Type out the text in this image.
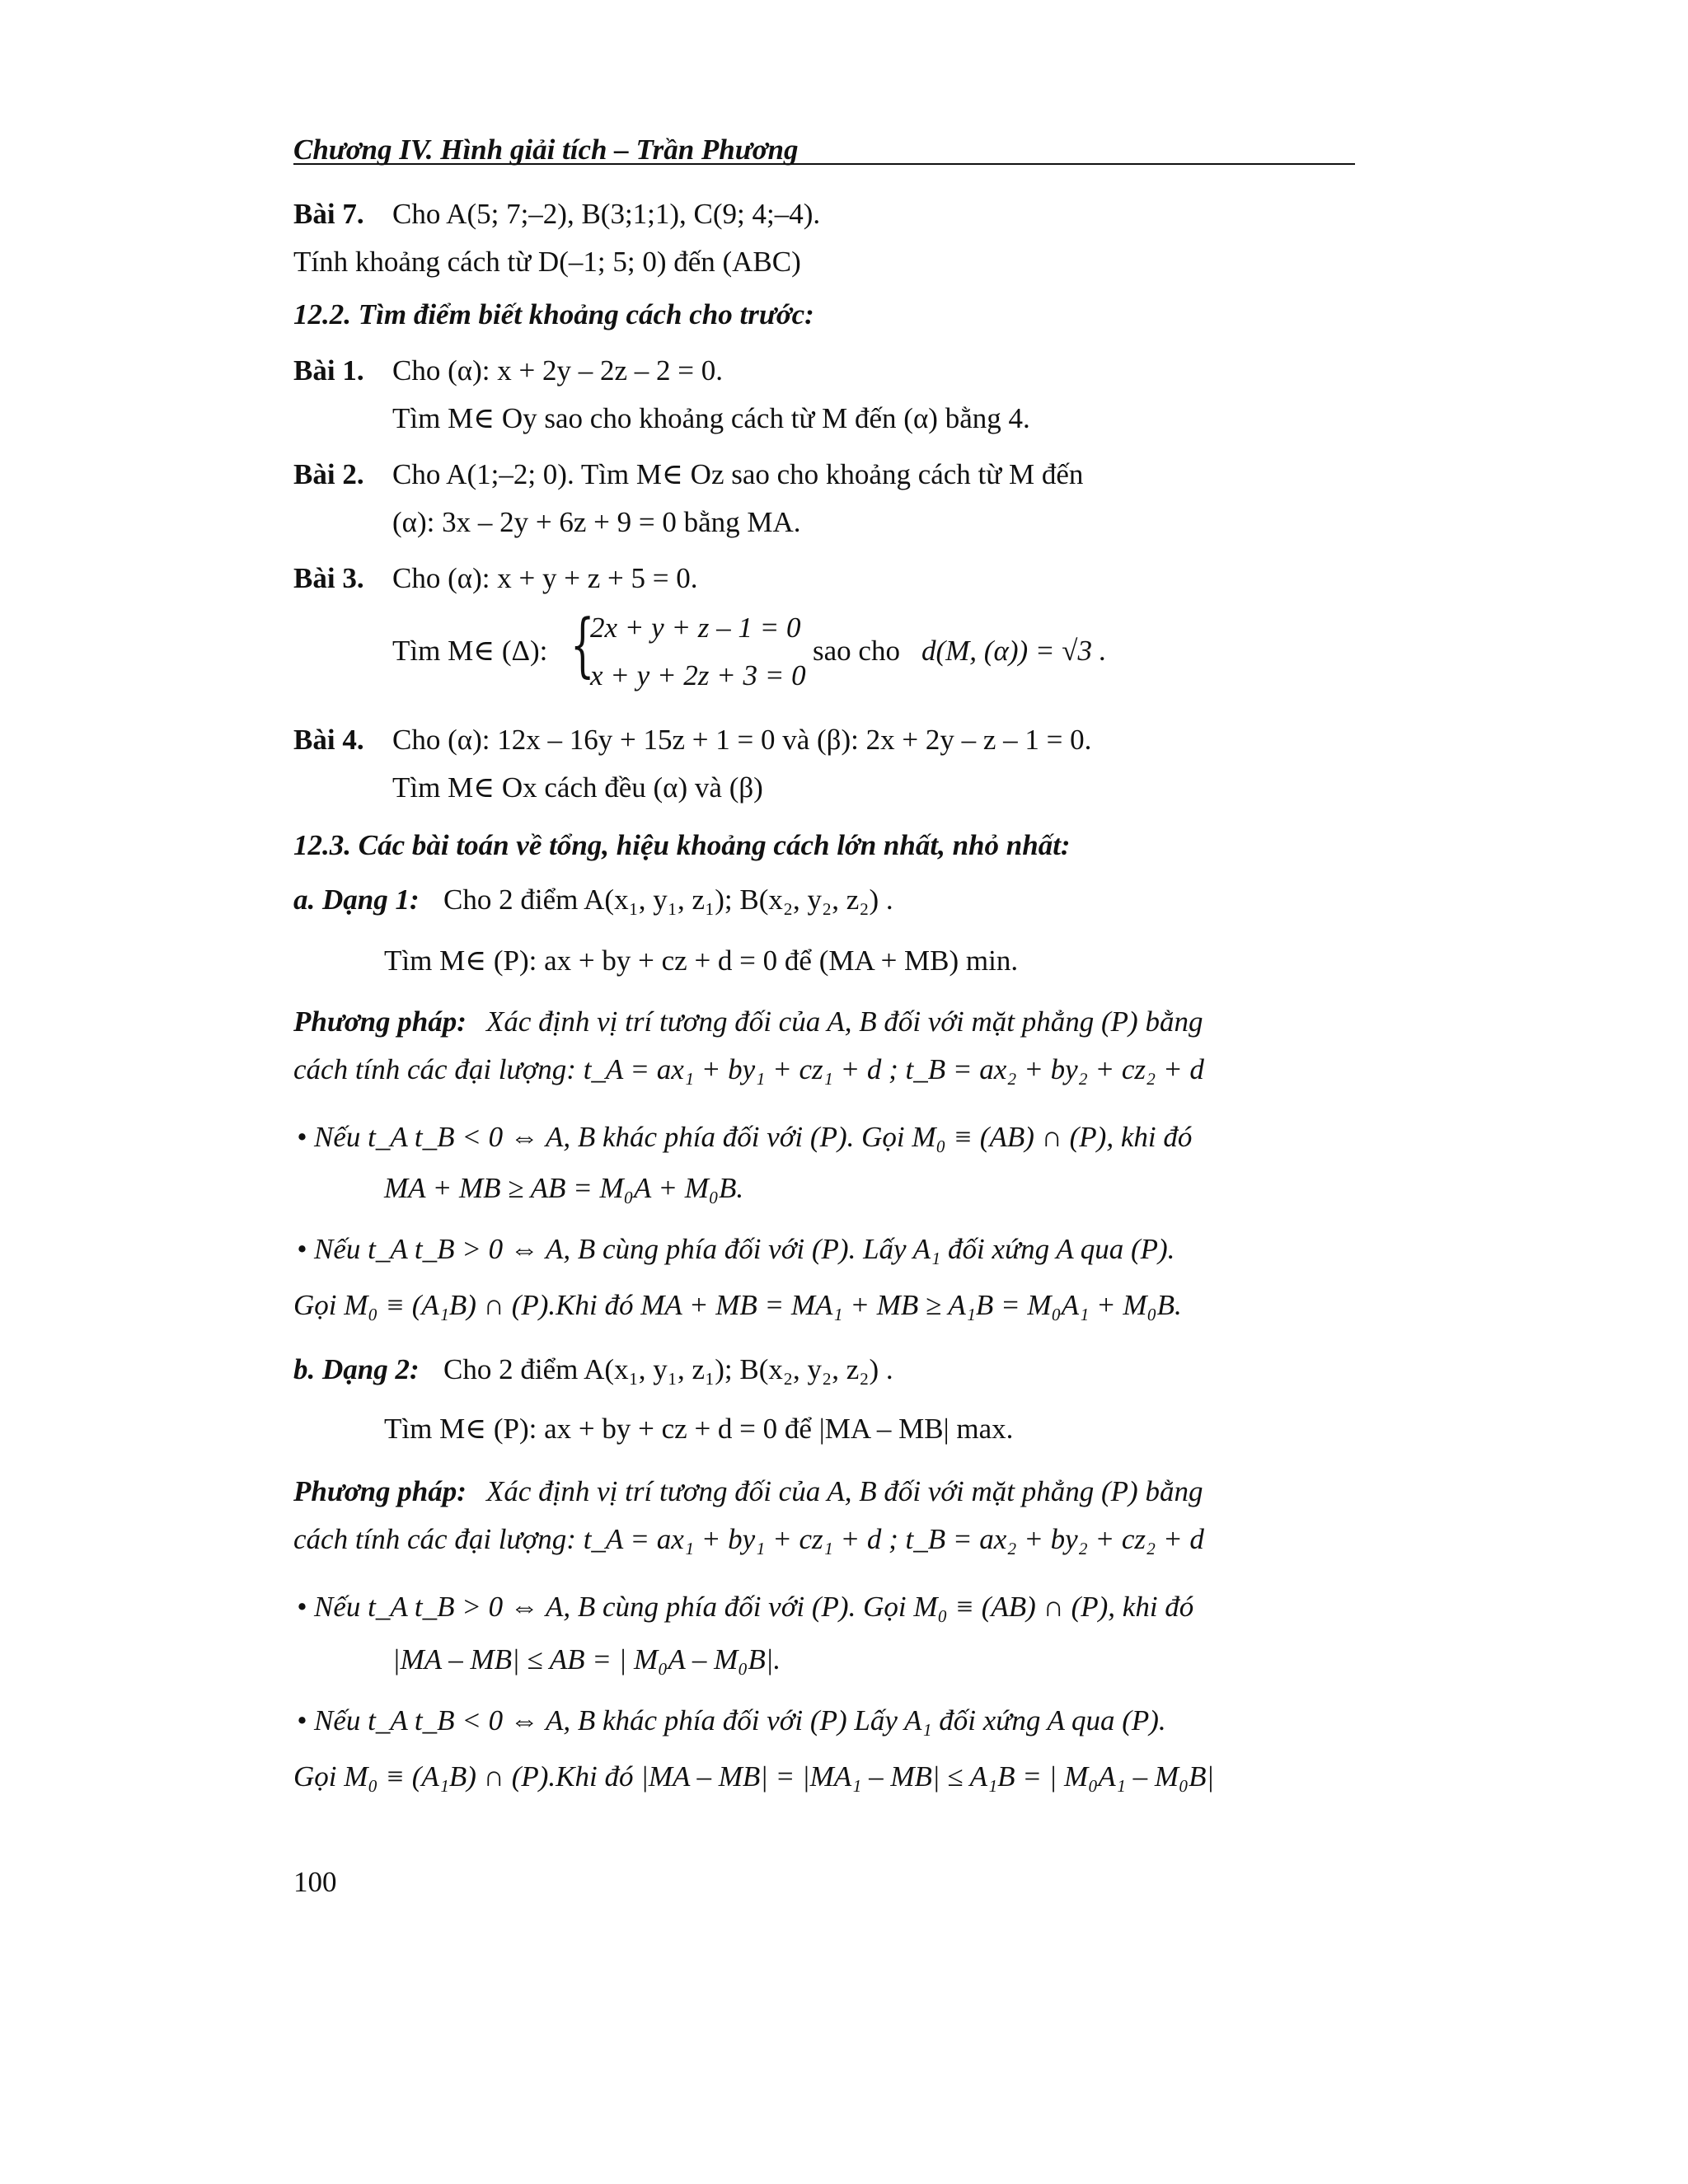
Chương IV. Hình giải tích – Trần Phương
Bài 7. Cho A(5; 7;–2), B(3;1;1), C(9; 4;–4).
Tính khoảng cách từ D(–1; 5; 0) đến (ABC)
12.2. Tìm điểm biết khoảng cách cho trước:
Bài 1. Cho (α): x + 2y – 2z – 2 = 0.
Tìm M∈ Oy sao cho khoảng cách từ M đến (α) bằng 4.
Bài 2. Cho A(1;–2; 0). Tìm M∈ Oz sao cho khoảng cách từ M đến
(α): 3x – 2y + 6z + 9 = 0 bằng MA.
Bài 3. Cho (α): x + y + z + 5 = 0.
Tìm M∈ (Δ): {
2x + y + z – 1 = 0
x + y + 2z + 3 = 0
sao cho d(M, (α)) = √3 .
Bài 4. Cho (α): 12x – 16y + 15z + 1 = 0 và (β): 2x + 2y – z – 1 = 0.
Tìm M∈ Ox cách đều (α) và (β)
12.3. Các bài toán về tổng, hiệu khoảng cách lớn nhất, nhỏ nhất:
a. Dạng 1: Cho 2 điểm A(x₁, y₁, z₁); B(x₂, y₂, z₂) .
Tìm M∈ (P): ax + by + cz + d = 0 để (MA + MB) min.
Phương pháp: Xác định vị trí tương đối của A, B đối với mặt phẳng (P) bằng
cách tính các đại lượng: t_A = ax₁ + by₁ + cz₁ + d ; t_B = ax₂ + by₂ + cz₂ + d
• Nếu t_A t_B < 0 ⇔ A, B khác phía đối với (P). Gọi M₀ ≡ (AB) ∩ (P), khi đó
MA + MB ≥ AB = M₀A + M₀B.
• Nếu t_A t_B > 0 ⇔ A, B cùng phía đối với (P). Lấy A₁ đối xứng A qua (P).
Gọi M₀ ≡ (A₁B) ∩ (P).Khi đó MA + MB = MA₁ + MB ≥ A₁B = M₀A₁ + M₀B.
b. Dạng 2: Cho 2 điểm A(x₁, y₁, z₁); B(x₂, y₂, z₂) .
Tìm M∈ (P): ax + by + cz + d = 0 để |MA – MB| max.
Phương pháp: Xác định vị trí tương đối của A, B đối với mặt phẳng (P) bằng
cách tính các đại lượng: t_A = ax₁ + by₁ + cz₁ + d ; t_B = ax₂ + by₂ + cz₂ + d
• Nếu t_A t_B > 0 ⇔ A, B cùng phía đối với (P). Gọi M₀ ≡ (AB) ∩ (P), khi đó
|MA – MB| ≤ AB = | M₀A – M₀B|.
• Nếu t_A t_B < 0 ⇔ A, B khác phía đối với (P) Lấy A₁ đối xứng A qua (P).
Gọi M₀ ≡ (A₁B) ∩ (P).Khi đó |MA – MB| = |MA₁ – MB| ≤ A₁B = | M₀A₁ – M₀B|
100
